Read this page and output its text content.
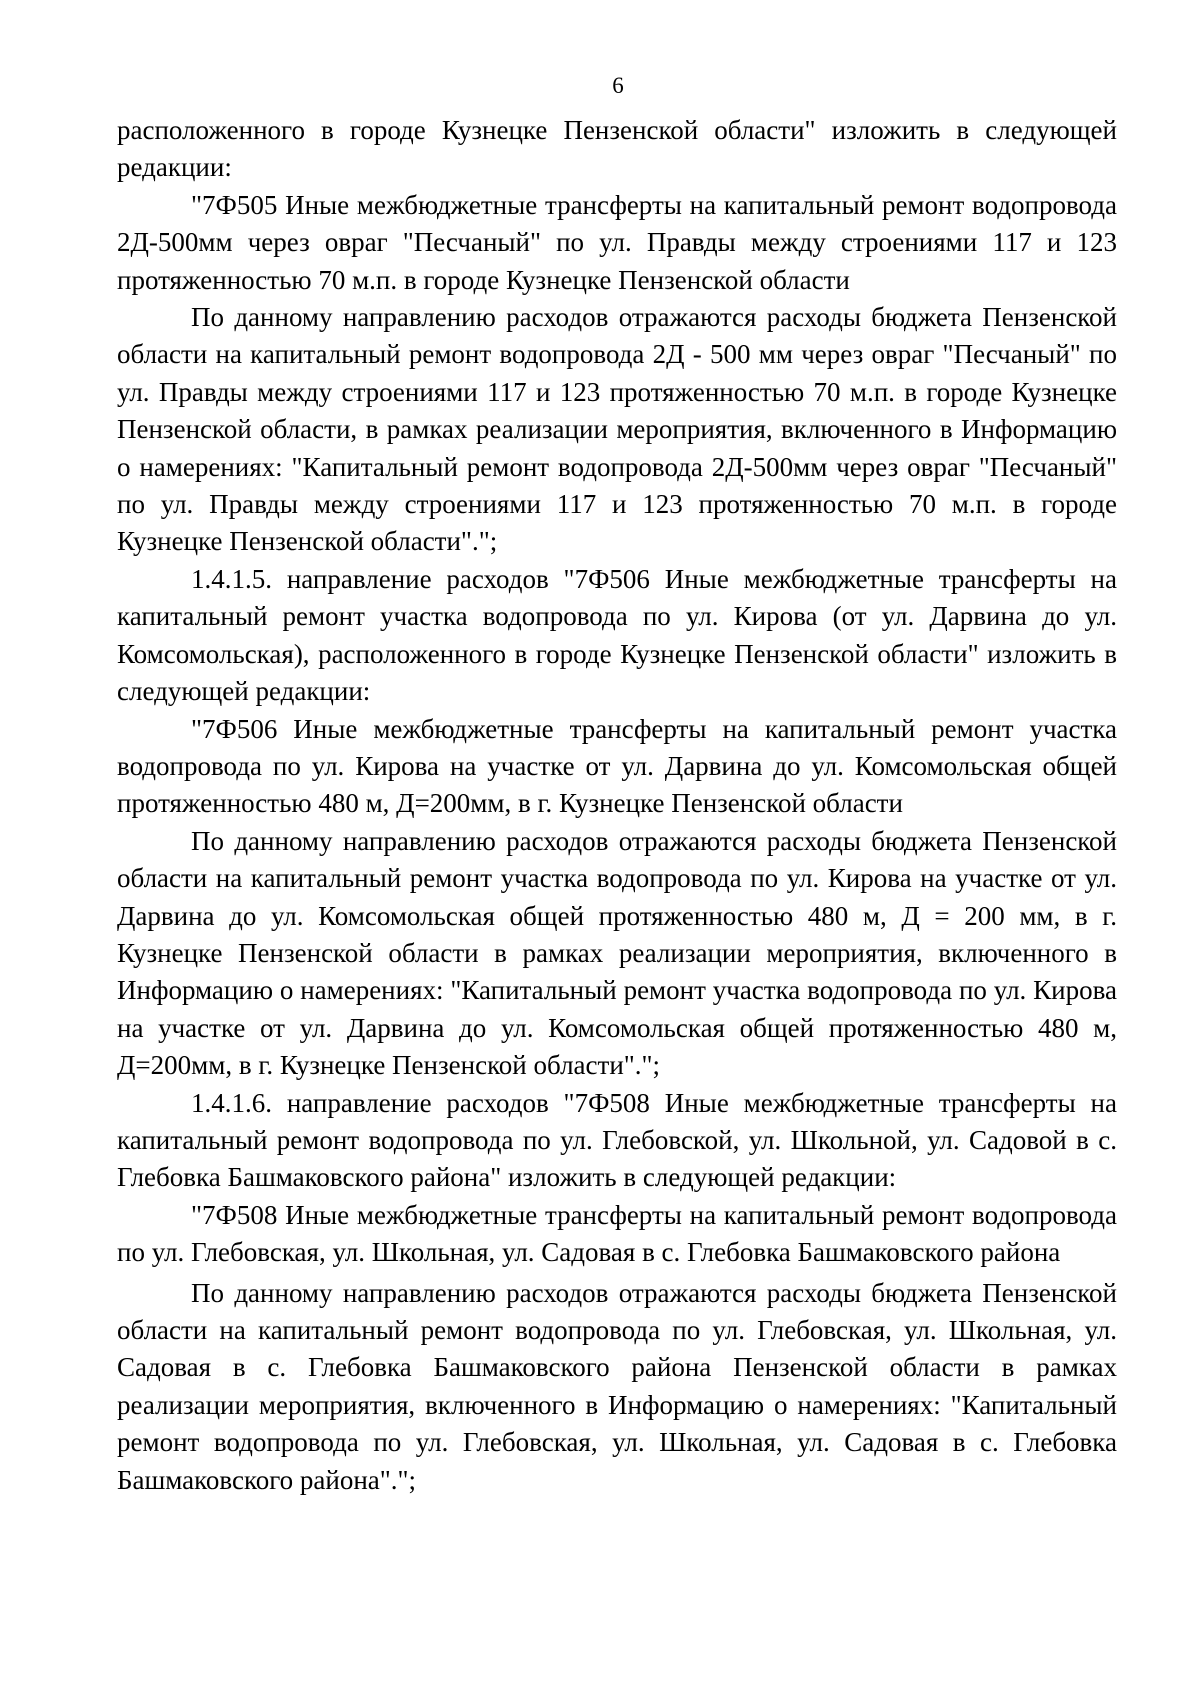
6

расположенного в городе Кузнецке Пензенской области" изложить в следующей редакции:

"7Ф505 Иные межбюджетные трансферты на капитальный ремонт водопровода 2Д-500мм через овраг "Песчаный" по ул. Правды между строениями 117 и 123 протяженностью 70 м.п. в городе Кузнецке Пензенской области

По данному направлению расходов отражаются расходы бюджета Пензенской области на капитальный ремонт водопровода 2Д - 500 мм через овраг "Песчаный" по ул. Правды между строениями 117 и 123 протяженностью 70 м.п. в городе Кузнецке Пензенской области, в рамках реализации мероприятия, включенного в Информацию о намерениях: "Капитальный ремонт водопровода 2Д-500мм через овраг "Песчаный" по ул. Правды между строениями 117 и 123 протяженностью 70 м.п. в городе Кузнецке Пензенской области".";

1.4.1.5. направление расходов "7Ф506 Иные межбюджетные трансферты на капитальный ремонт участка водопровода по ул. Кирова (от ул. Дарвина до ул. Комсомольская), расположенного в городе Кузнецке Пензенской области" изложить в следующей редакции:

"7Ф506 Иные межбюджетные трансферты на капитальный ремонт участка водопровода по ул. Кирова на участке от ул. Дарвина до ул. Комсомольская общей протяженностью 480 м, Д=200мм, в г. Кузнецке Пензенской области

По данному направлению расходов отражаются расходы бюджета Пензенской области на капитальный ремонт участка водопровода по ул. Кирова на участке от ул. Дарвина до ул. Комсомольская общей протяженностью 480 м, Д = 200 мм, в г. Кузнецке Пензенской области в рамках реализации мероприятия, включенного в Информацию о намерениях: "Капитальный ремонт участка водопровода по ул. Кирова на участке от ул. Дарвина до ул. Комсомольская общей протяженностью 480 м, Д=200мм, в г. Кузнецке Пензенской области".";

1.4.1.6. направление расходов "7Ф508 Иные межбюджетные трансферты на капитальный ремонт водопровода по ул. Глебовской, ул. Школьной, ул. Садовой в с. Глебовка Башмаковского района" изложить в следующей редакции:

"7Ф508 Иные межбюджетные трансферты на капитальный ремонт водопровода по ул. Глебовская, ул. Школьная, ул. Садовая в с. Глебовка Башмаковского района

По данному направлению расходов отражаются расходы бюджета Пензенской области на капитальный ремонт водопровода по ул. Глебовская, ул. Школьная, ул. Садовая в с. Глебовка Башмаковского района Пензенской области в рамках реализации мероприятия, включенного в Информацию о намерениях: "Капитальный ремонт водопровода по ул. Глебовская, ул. Школьная, ул. Садовая в с. Глебовка Башмаковского района".";
